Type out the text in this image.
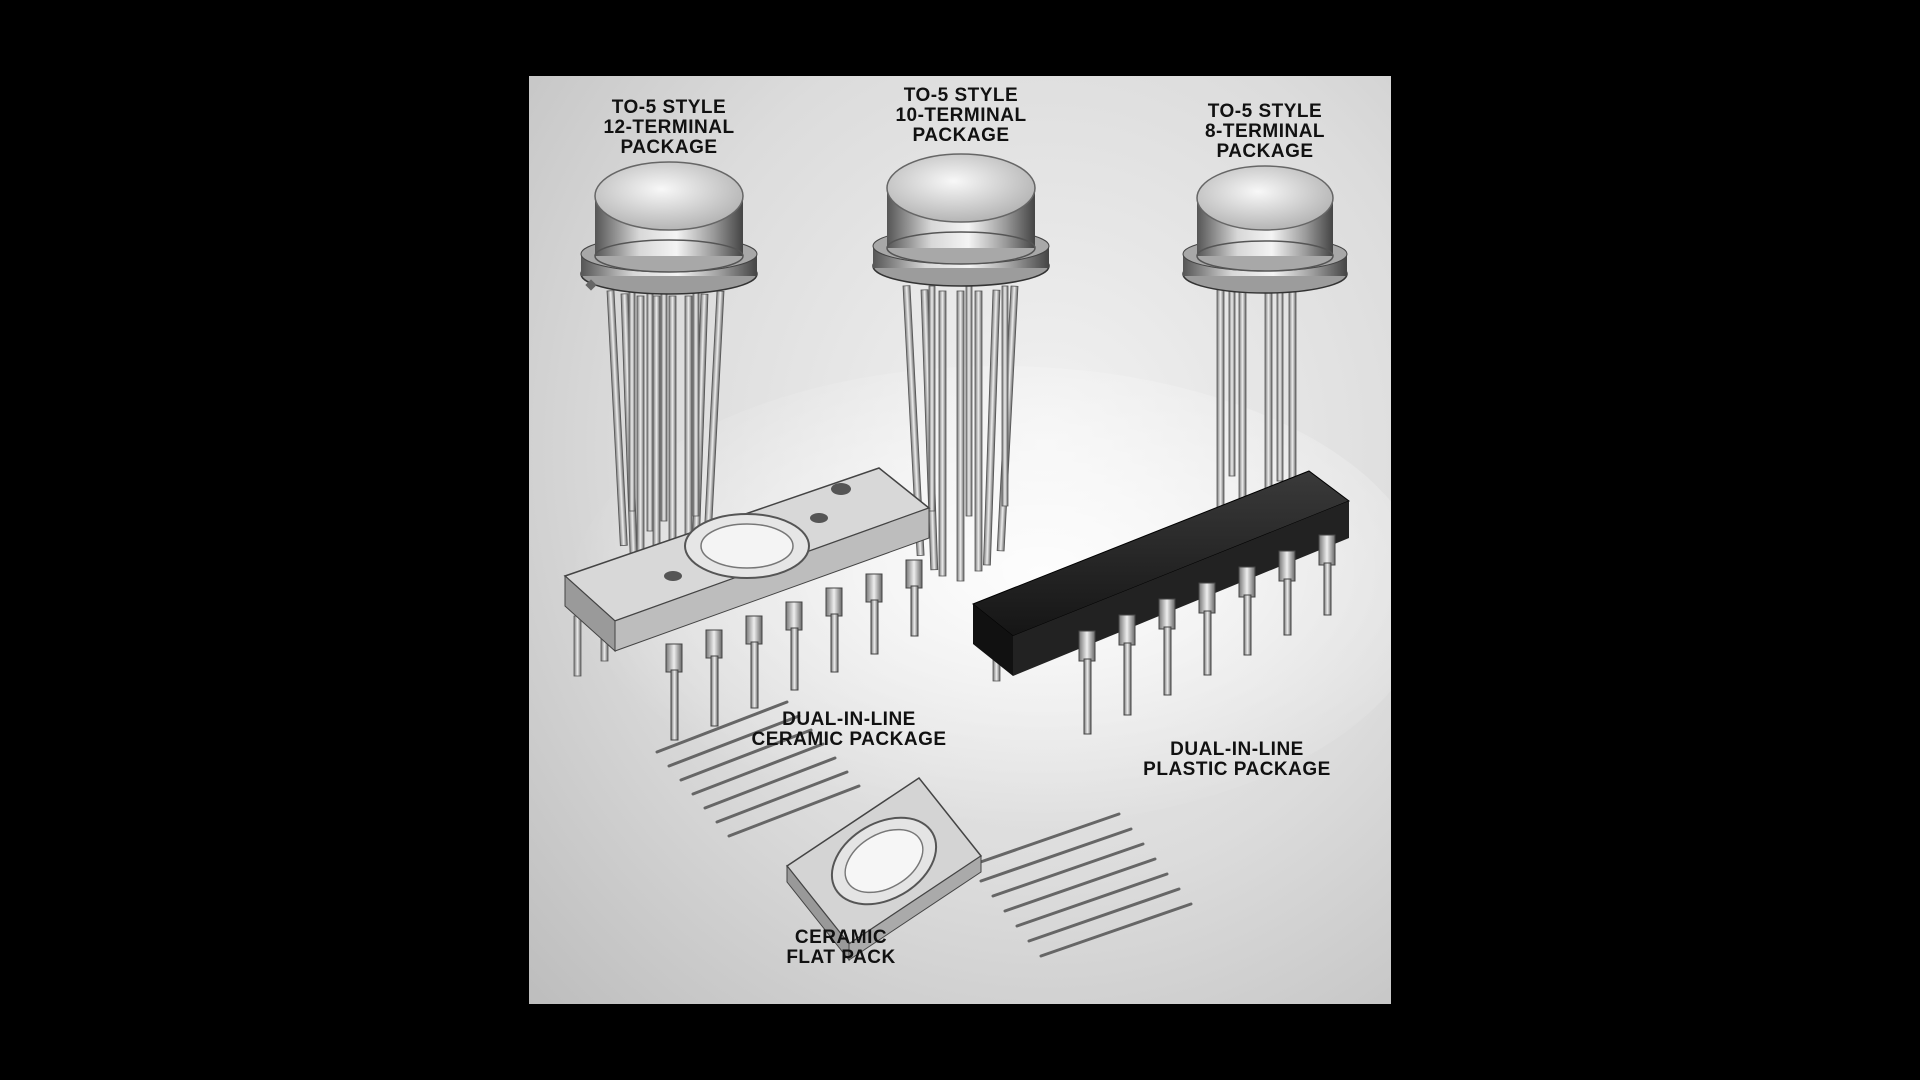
TO-5 STYLE
12-TERMINAL
PACKAGE

TO-5 STYLE
10-TERMINAL
PACKAGE

TO-5 STYLE
8-TERMINAL
PACKAGE

DUAL-IN-LINE
CERAMIC PACKAGE	DUAL-IN-LINE
PLASTIC PACKAGE

CERAMIC
FLAT PACK
